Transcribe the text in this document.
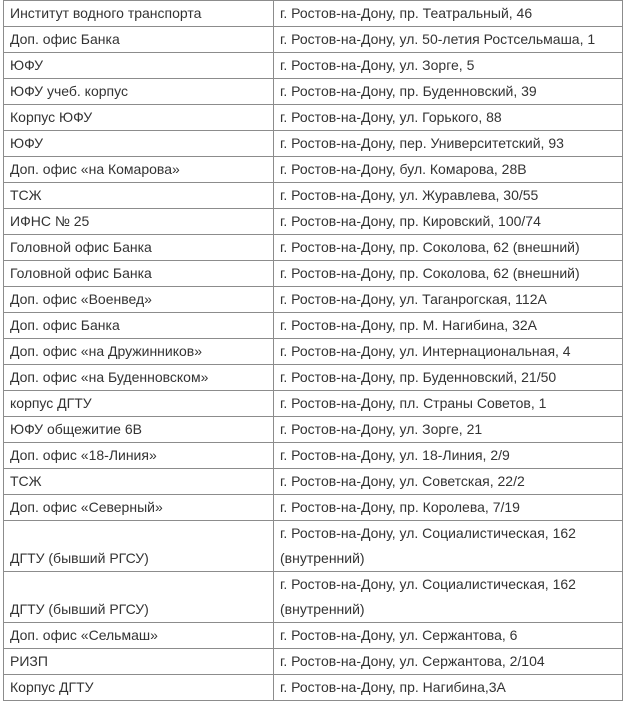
Институт водного транспорта	г. Ростов-на-Дону, пр. Театральный, 46
Доп. офис Банка	г. Ростов-на-Дону, ул. 50-летия Ростсельмаша, 1
ЮФУ	г. Ростов-на-Дону, ул. Зорге, 5
ЮФУ учеб. корпус	г. Ростов-на-Дону, пр. Буденновский, 39
Корпус ЮФУ	г. Ростов-на-Дону, ул. Горького, 88
ЮФУ	г. Ростов-на-Дону, пер. Университетский, 93
Доп. офис «на Комарова»	г. Ростов-на-Дону, бул. Комарова, 28В
ТСЖ	г. Ростов-на-Дону, ул. Журавлева, 30/55
ИФНС № 25	г. Ростов-на-Дону, пр. Кировский, 100/74
Головной офис Банка	г. Ростов-на-Дону, пр. Соколова, 62 (внешний)
Головной офис Банка	г. Ростов-на-Дону, пр. Соколова, 62 (внешний)
Доп. офис «Военвед»	г. Ростов-на-Дону, ул. Таганрогская, 112А
Доп. офис Банка	г. Ростов-на-Дону, пр. М. Нагибина, 32А
Доп. офис «на Дружинников»	г. Ростов-на-Дону, ул. Интернациональная, 4
Доп. офис «на Буденновском»	г. Ростов-на-Дону, пр. Буденновский, 21/50
корпус ДГТУ	г. Ростов-на-Дону, пл. Страны Советов, 1
ЮФУ общежитие 6В	г. Ростов-на-Дону, ул. Зорге, 21
Доп. офис «18-Линия»	г. Ростов-на-Дону, ул. 18-Линия, 2/9
ТСЖ	г. Ростов-на-Дону, ул. Советская, 22/2
Доп. офис «Северный»	г. Ростов-на-Дону, пр. Королева, 7/19
ДГТУ (бывший РГСУ)	г. Ростов-на-Дону, ул. Социалистическая, 162 (внутренний)
ДГТУ (бывший РГСУ)	г. Ростов-на-Дону, ул. Социалистическая, 162 (внутренний)
Доп. офис «Сельмаш»	г. Ростов-на-Дону, ул. Сержантова, 6
РИЗП	г. Ростов-на-Дону, ул. Сержантова, 2/104
Корпус ДГТУ	г. Ростов-на-Дону, пр. Нагибина,3А
